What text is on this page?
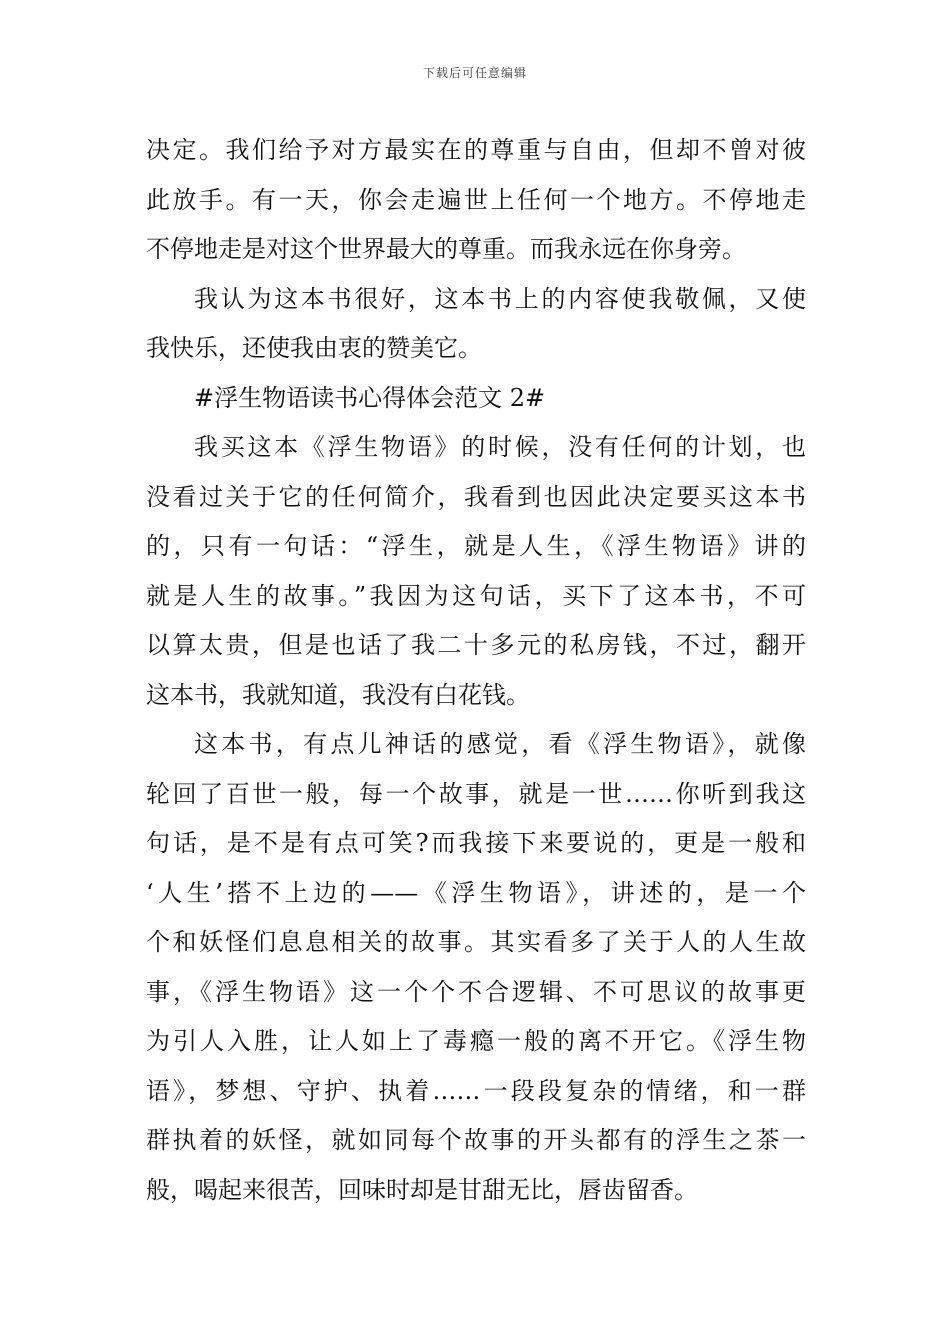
下载后可任意编辑
决定。我们给予对方最实在的尊重与自由，但却不曾对彼
此放手。有一天，你会走遍世上任何一个地方。不停地走
不停地走是对这个世界最大的尊重。而我永远在你身旁。
我认为这本书很好，这本书上的内容使我敬佩，又使
我快乐，还使我由衷的赞美它。
#浮生物语读书心得体会范文 2#
我买这本《浮生物语》的时候，没有任何的计划，也
没看过关于它的任何简介，我看到也因此决定要买这本书
的，只有一句话：“浮生，就是人生，《浮生物语》讲的
就是人生的故事。”我因为这句话，买下了这本书，不可
以算太贵，但是也话了我二十多元的私房钱，不过，翻开
这本书，我就知道，我没有白花钱。
这本书，有点儿神话的感觉，看《浮生物语》，就像
轮回了百世一般，每一个故事，就是一世……你听到我这
句话，是不是有点可笑?而我接下来要说的，更是一般和
‘人生’搭不上边的——《浮生物语》，讲述的，是一个
个和妖怪们息息相关的故事。其实看多了关于人的人生故
事，《浮生物语》这一个个不合逻辑、不可思议的故事更
为引人入胜，让人如上了毒瘾一般的离不开它。《浮生物
语》，梦想、守护、执着……一段段复杂的情绪，和一群
群执着的妖怪，就如同每个故事的开头都有的浮生之茶一
般，喝起来很苦，回味时却是甘甜无比，唇齿留香。
